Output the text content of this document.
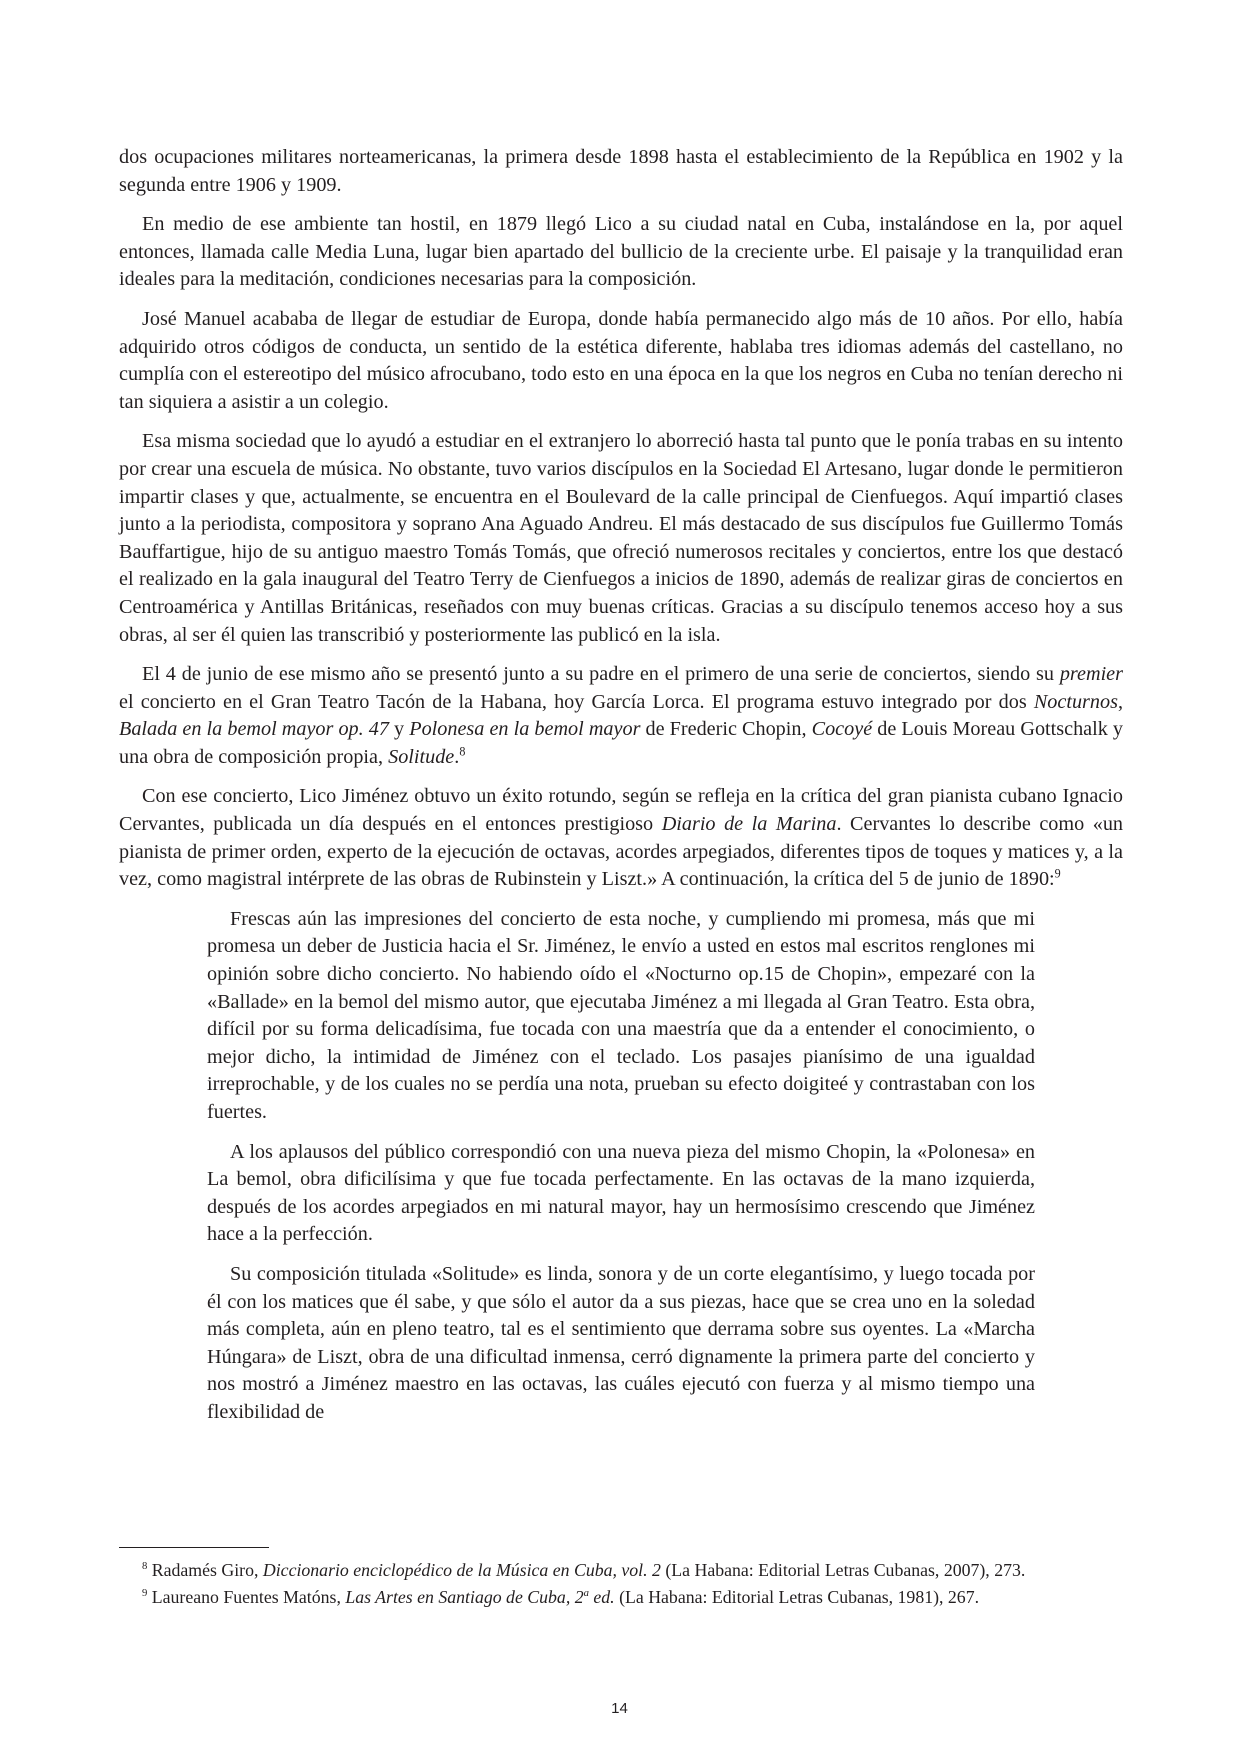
dos ocupaciones militares norteamericanas, la primera desde 1898 hasta el establecimiento de la República en 1902 y la segunda entre 1906 y 1909.

En medio de ese ambiente tan hostil, en 1879 llegó Lico a su ciudad natal en Cuba, instalándose en la, por aquel entonces, llamada calle Media Luna, lugar bien apartado del bullicio de la creciente urbe. El paisaje y la tranquilidad eran ideales para la meditación, condiciones necesarias para la composición.

José Manuel acababa de llegar de estudiar de Europa, donde había permanecido algo más de 10 años. Por ello, había adquirido otros códigos de conducta, un sentido de la estética diferente, hablaba tres idiomas además del castellano, no cumplía con el estereotipo del músico afrocubano, todo esto en una época en la que los negros en Cuba no tenían derecho ni tan siquiera a asistir a un colegio.

Esa misma sociedad que lo ayudó a estudiar en el extranjero lo aborreció hasta tal punto que le ponía trabas en su intento por crear una escuela de música. No obstante, tuvo varios discípulos en la Sociedad El Artesano, lugar donde le permitieron impartir clases y que, actualmente, se encuentra en el Boulevard de la calle principal de Cienfuegos. Aquí impartió clases junto a la periodista, compositora y soprano Ana Aguado Andreu. El más destacado de sus discípulos fue Guillermo Tomás Bauffartigue, hijo de su antiguo maestro Tomás Tomás, que ofreció numerosos recitales y conciertos, entre los que destacó el realizado en la gala inaugural del Teatro Terry de Cienfuegos a inicios de 1890, además de realizar giras de conciertos en Centroamérica y Antillas Británicas, reseñados con muy buenas críticas. Gracias a su discípulo tenemos acceso hoy a sus obras, al ser él quien las transcribió y posteriormente las publicó en la isla.

El 4 de junio de ese mismo año se presentó junto a su padre en el primero de una serie de conciertos, siendo su premier el concierto en el Gran Teatro Tacón de la Habana, hoy García Lorca. El programa estuvo integrado por dos Nocturnos, Balada en la bemol mayor op. 47 y Polonesa en la bemol mayor de Frederic Chopin, Cocoyé de Louis Moreau Gottschalk y una obra de composición propia, Solitude.$^8$

Con ese concierto, Lico Jiménez obtuvo un éxito rotundo, según se refleja en la crítica del gran pianista cubano Ignacio Cervantes, publicada un día después en el entonces prestigioso Diario de la Marina. Cervantes lo describe como «un pianista de primer orden, experto de la ejecución de octavas, acordes arpegiados, diferentes tipos de toques y matices y, a la vez, como magistral intérprete de las obras de Rubinstein y Liszt.» A continuación, la crítica del 5 de junio de 1890:$^9$

Frescas aún las impresiones del concierto de esta noche, y cumpliendo mi promesa, más que mi promesa un deber de Justicia hacia el Sr. Jiménez, le envío a usted en estos mal escritos renglones mi opinión sobre dicho concierto. No habiendo oído el «Nocturno op.15 de Chopin», empezaré con la «Ballade» en la bemol del mismo autor, que ejecutaba Jiménez a mi llegada al Gran Teatro. Esta obra, difícil por su forma delicadísima, fue tocada con una maestría que da a entender el conocimiento, o mejor dicho, la intimidad de Jiménez con el teclado. Los pasajes pianísimo de una igualdad irreprochable, y de los cuales no se perdía una nota, prueban su efecto doigiteé y contrastaban con los fuertes.

A los aplausos del público correspondió con una nueva pieza del mismo Chopin, la «Polonesa» en La bemol, obra dificilísima y que fue tocada perfectamente. En las octavas de la mano izquierda, después de los acordes arpegiados en mi natural mayor, hay un hermosísimo crescendo que Jiménez hace a la perfección.

Su composición titulada «Solitude» es linda, sonora y de un corte elegantísimo, y luego tocada por él con los matices que él sabe, y que sólo el autor da a sus piezas, hace que se crea uno en la soledad más completa, aún en pleno teatro, tal es el sentimiento que derrama sobre sus oyentes. La «Marcha Húngara» de Liszt, obra de una dificultad inmensa, cerró dignamente la primera parte del concierto y nos mostró a Jiménez maestro en las octavas, las cuáles ejecutó con fuerza y al mismo tiempo una flexibilidad de

$^8$ Radamés Giro, Diccionario enciclopédico de la Música en Cuba, vol. 2 (La Habana: Editorial Letras Cubanas, 2007), 273.

$^9$ Laureano Fuentes Matóns, Las Artes en Santiago de Cuba, 2$^a$ ed. (La Habana: Editorial Letras Cubanas, 1981), 267.

14
